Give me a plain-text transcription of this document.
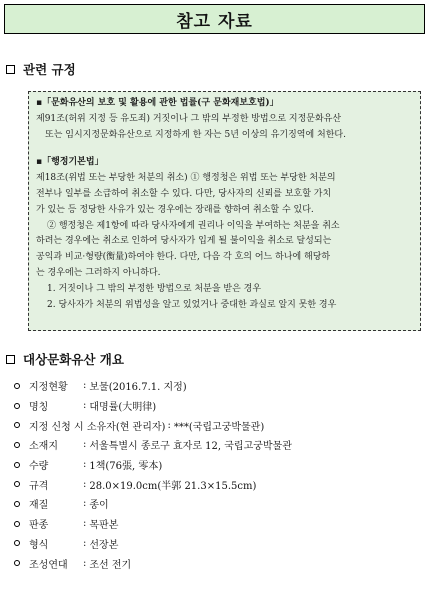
참고 자료
관련 규정
▪「문화유산의 보호 및 활용에 관한 법률(구 문화재보호법)」

제91조(허위 지정 등 유도죄) 거짓이나 그 밖의 부정한 방법으로 지정문화유산

또는 임시지정문화유산으로 지정하게 한 자는 5년 이상의 유기징역에 처한다.

▪「행정기본법」

제18조(위법 또는 부당한 처분의 취소) ① 행정청은 위법 또는 부당한 처분의

전부나 일부를 소급하여 취소할 수 있다. 다만, 당사자의 신뢰를 보호할 가치

가 있는 등 정당한 사유가 있는 경우에는 장래를 향하여 취소할 수 있다.

② 행정청은 제1항에 따라 당사자에게 권리나 이익을 부여하는 처분을 취소

하려는 경우에는 취소로 인하여 당사자가 입게 될 불이익을 취소로 달성되는

공익과 비교·형량(衡量)하여야 한다. 다만, 다음 각 호의 어느 하나에 해당하

는 경우에는 그러하지 아니하다.

1. 거짓이나 그 밖의 부정한 방법으로 처분을 받은 경우

2. 당사자가 처분의 위법성을 알고 있었거나 중대한 과실로 알지 못한 경우

대상문화유산 개요
지정현황	: 보물(2016.7.1. 지정)
명칭	: 대명률(大明律)
지정 신청 시 소유자(현 관리자) : ***(국립고궁박물관)
소재지	: 서울특별시 종로구 효자로 12, 국립고궁박물관
수량	: 1책(76張, 零本)
규격	: 28.0×19.0cm(半郭 21.3×15.5cm)
재질	: 종이
판종	: 목판본
형식	: 선장본
조성연대	: 조선 전기
